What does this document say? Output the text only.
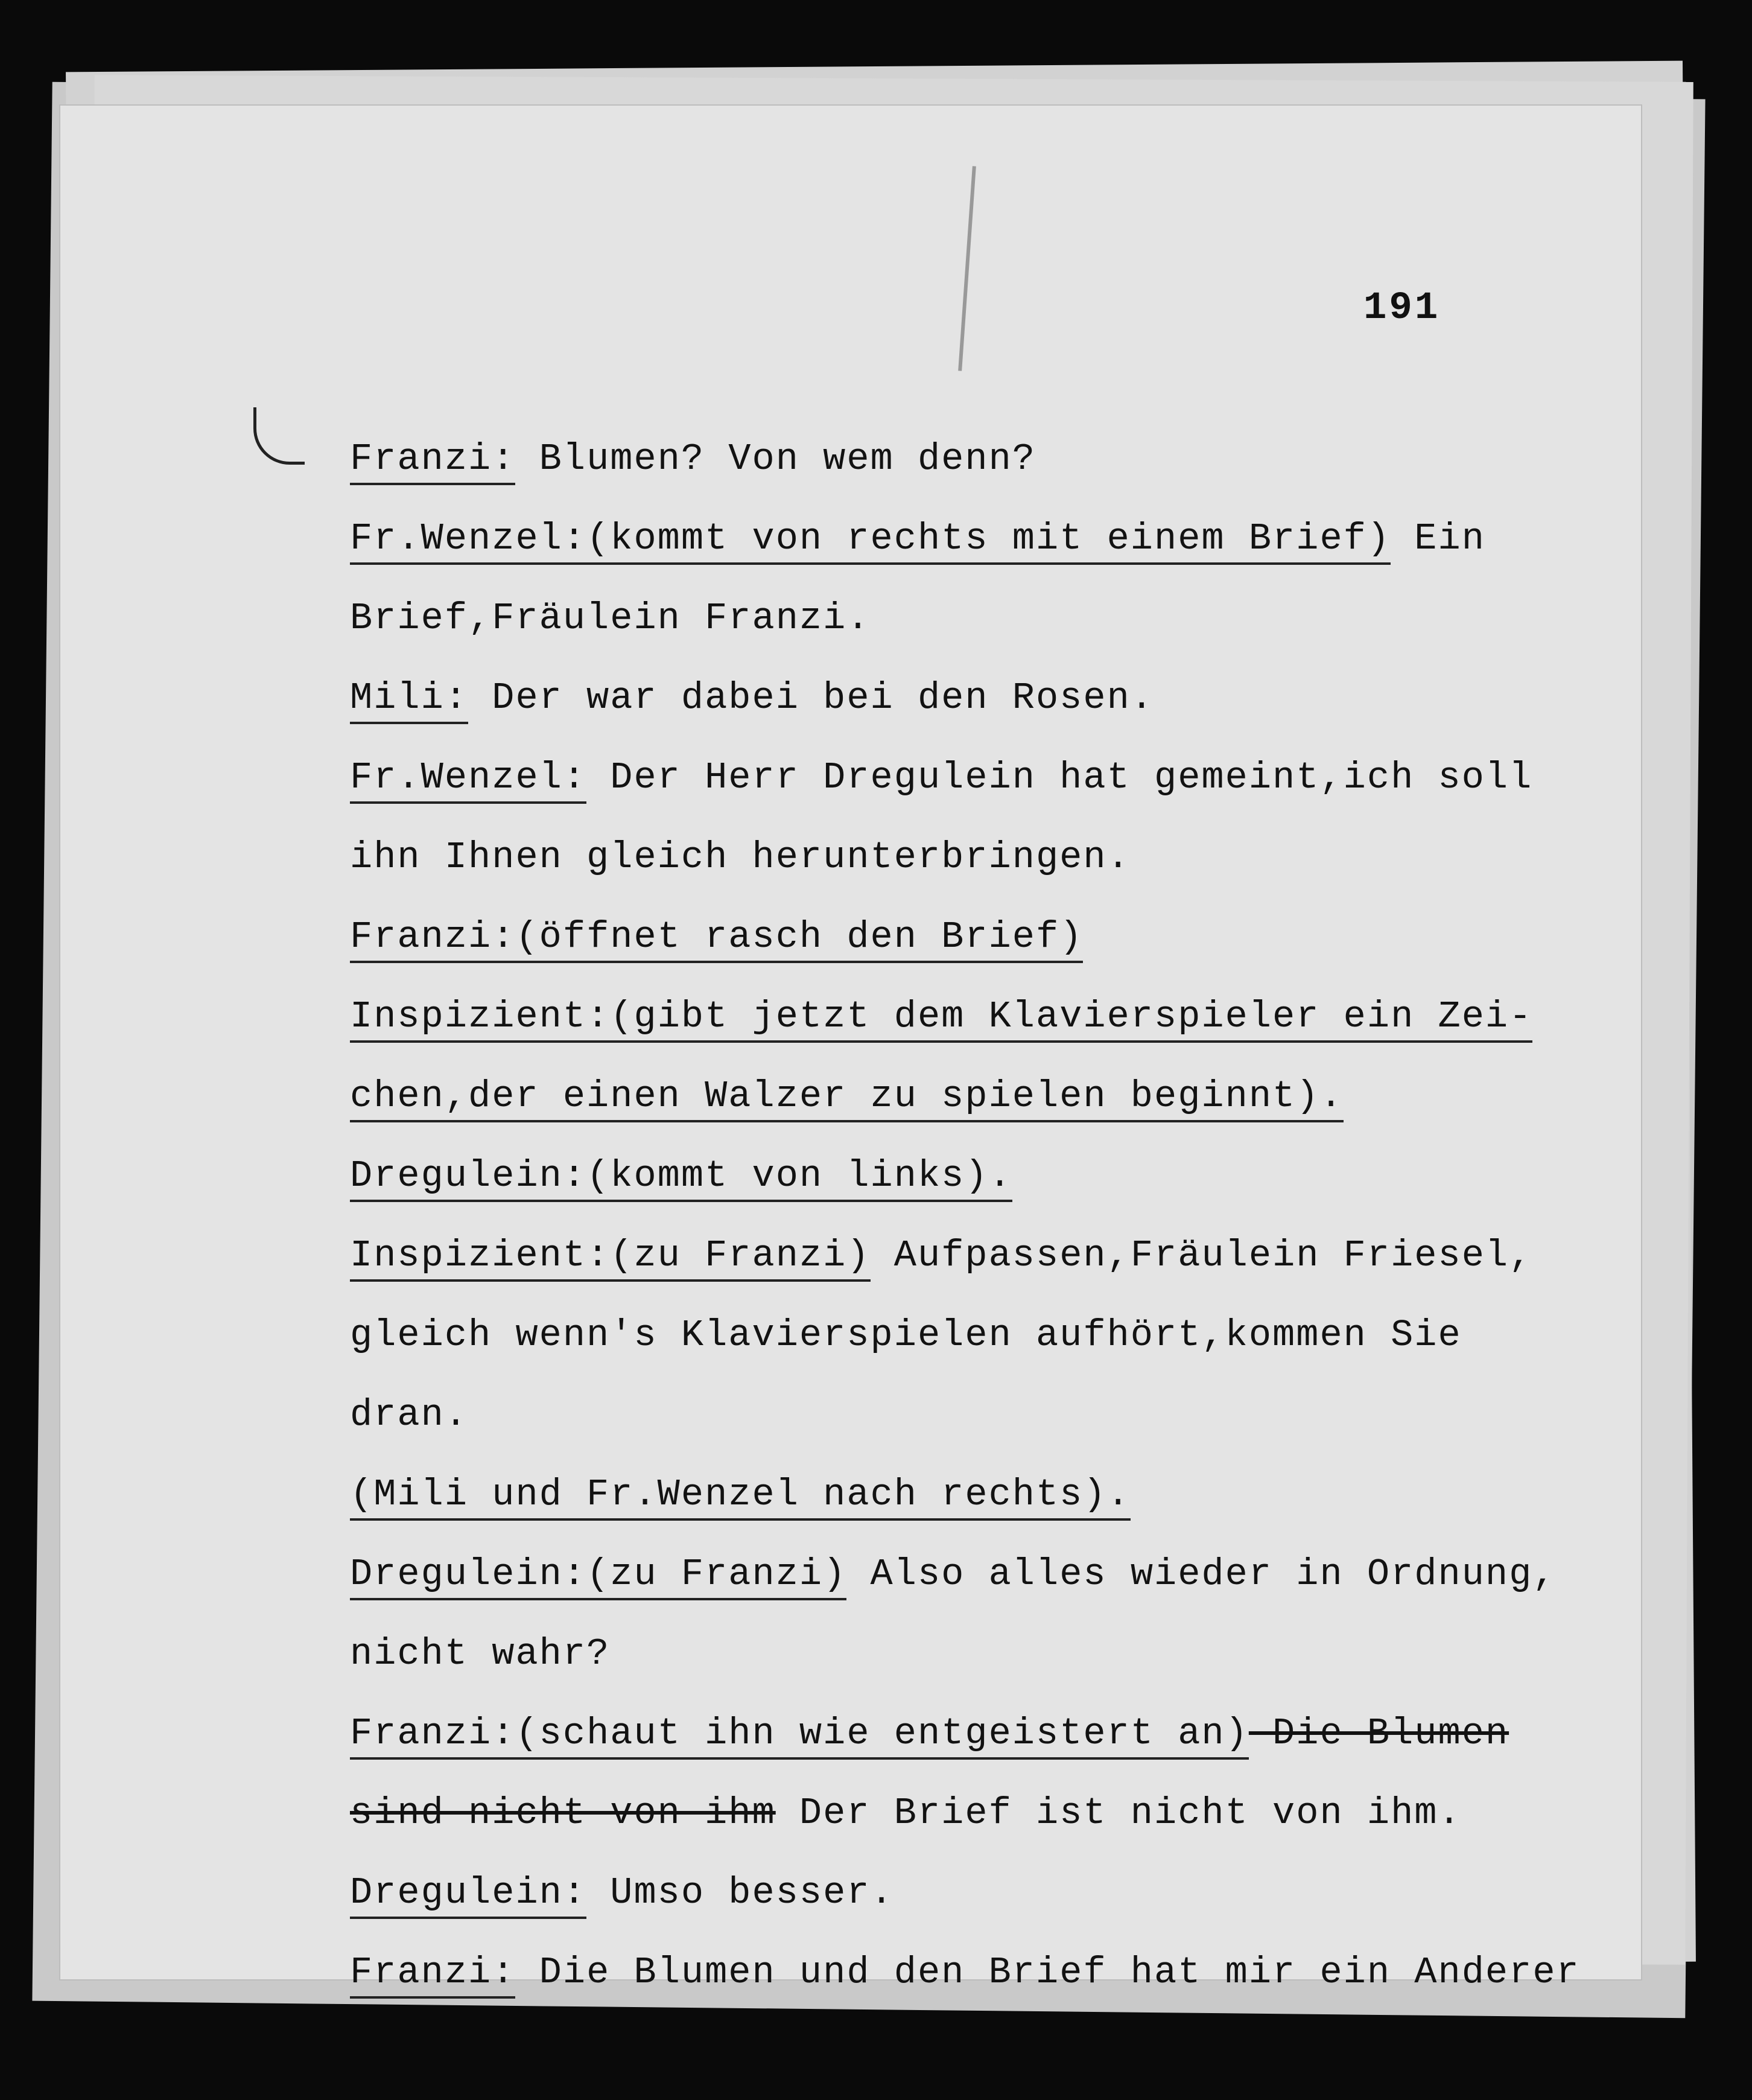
191
Franzi: Blumen? Von wem denn?
Fr.Wenzel:(kommt von rechts mit einem Brief) Ein
Brief,Fräulein Franzi.
Mili: Der war dabei bei den Rosen.
Fr.Wenzel: Der Herr Dregulein hat gemeint,ich soll
ihn Ihnen gleich herunterbringen.
Franzi:(öffnet rasch den Brief)
Inspizient:(gibt jetzt dem Klavierspieler ein Zei-
chen,der einen Walzer zu spielen beginnt).
Dregulein:(kommt von links).
Inspizient:(zu Franzi) Aufpassen,Fräulein Friesel,
gleich wenn's Klavierspielen aufhört,kommen Sie
dran.
(Mili und Fr.Wenzel nach rechts).
Dregulein:(zu Franzi) Also alles wieder in Ordnung,
nicht wahr?
Franzi:(schaut ihn wie entgeistert an) Die Blumen
sind nicht von ihm Der Brief ist nicht von ihm.
Dregulein: Umso besser.
Franzi: Die Blumen und den Brief hat mir ein Anderer
